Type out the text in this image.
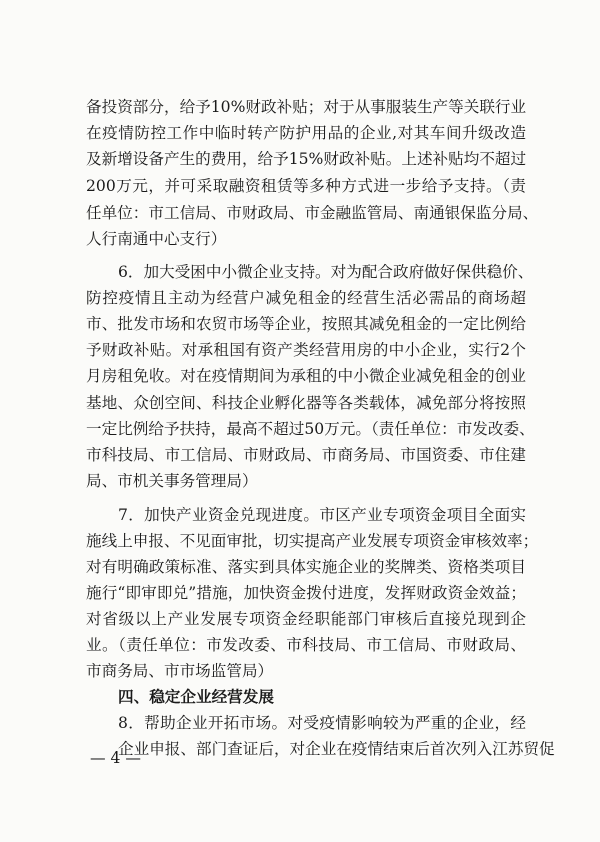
备投资部分，给予10%财政补贴；对于从事服装生产等关联行业
在疫情防控工作中临时转产防护用品的企业,对其车间升级改造
及新增设备产生的费用，给予15%财政补贴。上述补贴均不超过
200万元，并可采取融资租赁等多种方式进一步给予支持。（责
任单位：市工信局、市财政局、市金融监管局、南通银保监分局、
人行南通中心支行）
6．加大受困中小微企业支持。对为配合政府做好保供稳价、
防控疫情且主动为经营户减免租金的经营生活必需品的商场超
市、批发市场和农贸市场等企业，按照其减免租金的一定比例给
予财政补贴。对承租国有资产类经营用房的中小企业，实行2个
月房租免收。对在疫情期间为承租的中小微企业减免租金的创业
基地、众创空间、科技企业孵化器等各类载体，减免部分将按照
一定比例给予扶持，最高不超过50万元。（责任单位：市发改委、
市科技局、市工信局、市财政局、市商务局、市国资委、市住建
局、市机关事务管理局）
7．加快产业资金兑现进度。市区产业专项资金项目全面实
施线上申报、不见面审批，切实提高产业发展专项资金审核效率；
对有明确政策标准、落实到具体实施企业的奖牌类、资格类项目
施行“即审即兑”措施，加快资金拨付进度，发挥财政资金效益；
对省级以上产业发展专项资金经职能部门审核后直接兑现到企
业。（责任单位：市发改委、市科技局、市工信局、市财政局、
市商务局、市市场监管局）
四、稳定企业经营发展
8．帮助企业开拓市场。对受疫情影响较为严重的企业，经
企业申报、部门查证后，对企业在疫情结束后首次列入江苏贸促
— 4 —
